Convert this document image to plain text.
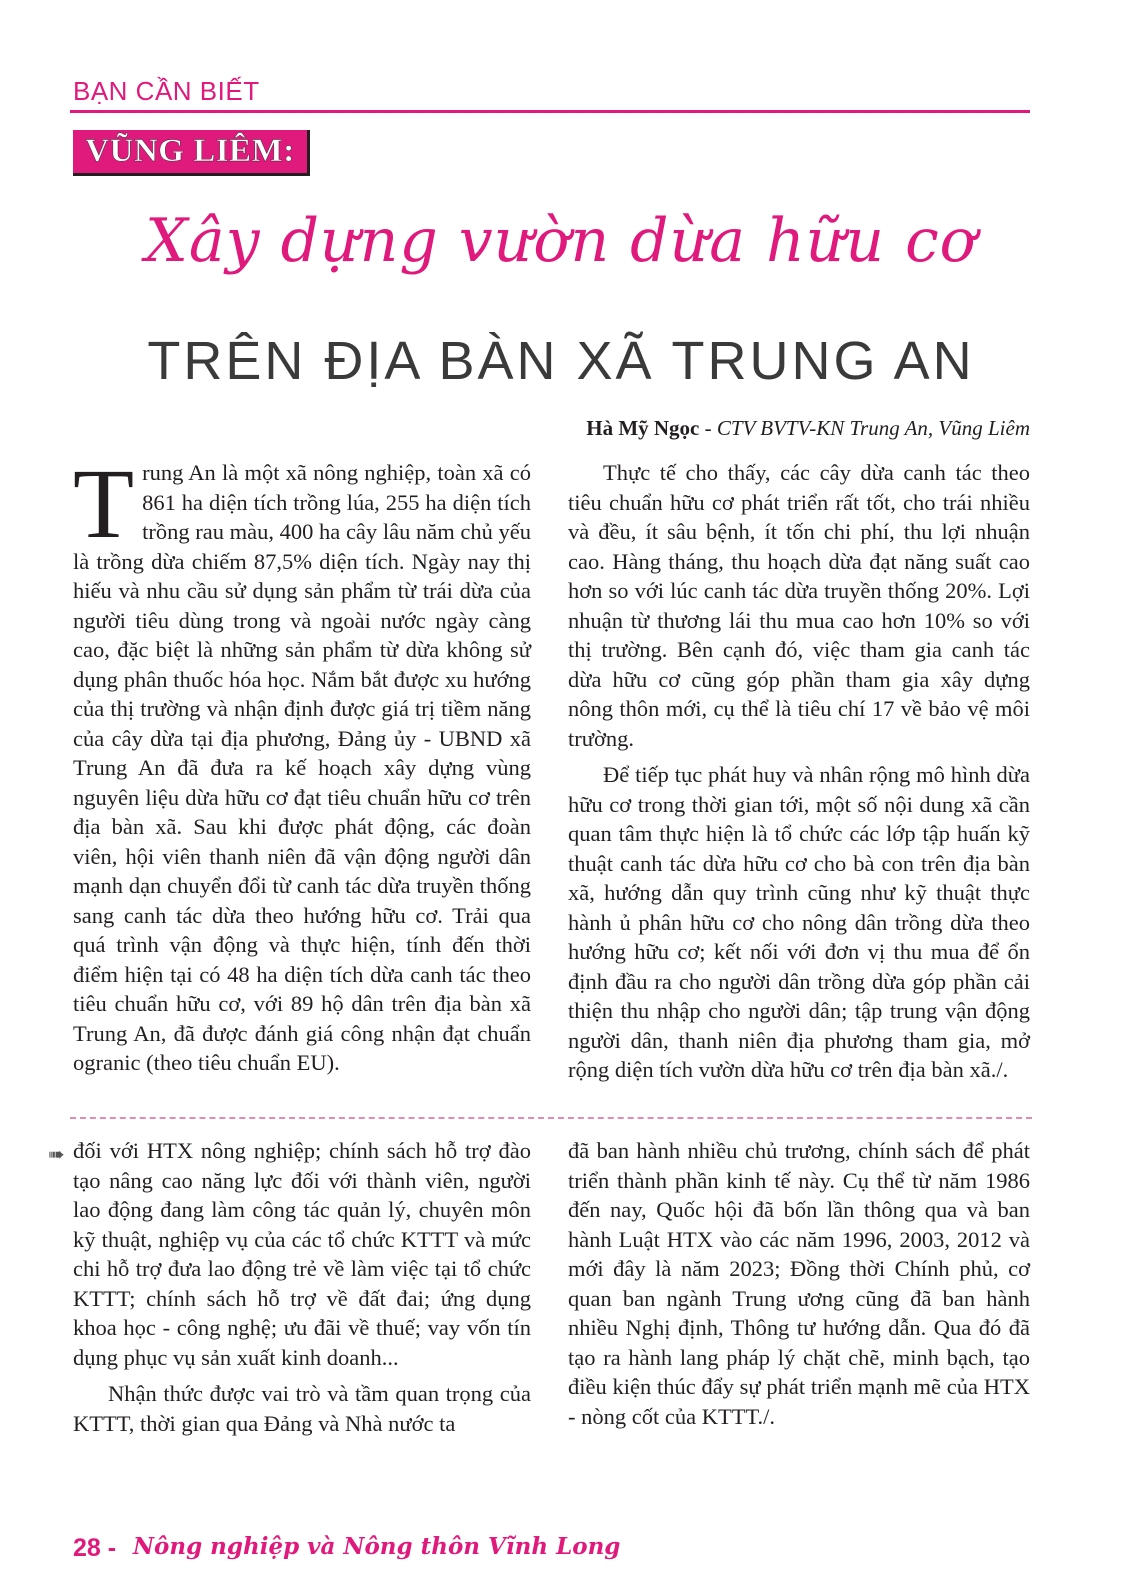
BẠN CẦN BIẾT
VŨNG LIÊM:
Xây dựng vườn dừa hữu cơ
TRÊN ĐỊA BÀN XÃ TRUNG AN
Hà Mỹ Ngọc - CTV BVTV-KN Trung An, Vũng Liêm

Trung An là một xã nông nghiệp, toàn xã có 861 ha diện tích trồng lúa, 255 ha diện tích trồng rau màu, 400 ha cây lâu năm chủ yếu là trồng dừa chiếm 87,5% diện tích. Ngày nay thị hiếu và nhu cầu sử dụng sản phẩm từ trái dừa của người tiêu dùng trong và ngoài nước ngày càng cao, đặc biệt là những sản phẩm từ dừa không sử dụng phân thuốc hóa học. Nắm bắt được xu hướng của thị trường và nhận định được giá trị tiềm năng của cây dừa tại địa phương, Đảng ủy - UBND xã Trung An đã đưa ra kế hoạch xây dựng vùng nguyên liệu dừa hữu cơ đạt tiêu chuẩn hữu cơ trên địa bàn xã. Sau khi được phát động, các đoàn viên, hội viên thanh niên đã vận động người dân mạnh dạn chuyển đổi từ canh tác dừa truyền thống sang canh tác dừa theo hướng hữu cơ. Trải qua quá trình vận động và thực hiện, tính đến thời điểm hiện tại có 48 ha diện tích dừa canh tác theo tiêu chuẩn hữu cơ, với 89 hộ dân trên địa bàn xã Trung An, đã được đánh giá công nhận đạt chuẩn ogranic (theo tiêu chuẩn EU).

Thực tế cho thấy, các cây dừa canh tác theo tiêu chuẩn hữu cơ phát triển rất tốt, cho trái nhiều và đều, ít sâu bệnh, ít tốn chi phí, thu lợi nhuận cao. Hàng tháng, thu hoạch dừa đạt năng suất cao hơn so với lúc canh tác dừa truyền thống 20%. Lợi nhuận từ thương lái thu mua cao hơn 10% so với thị trường. Bên cạnh đó, việc tham gia canh tác dừa hữu cơ cũng góp phần tham gia xây dựng nông thôn mới, cụ thể là tiêu chí 17 về bảo vệ môi trường.

Để tiếp tục phát huy và nhân rộng mô hình dừa hữu cơ trong thời gian tới, một số nội dung xã cần quan tâm thực hiện là tổ chức các lớp tập huấn kỹ thuật canh tác dừa hữu cơ cho bà con trên địa bàn xã, hướng dẫn quy trình cũng như kỹ thuật thực hành ủ phân hữu cơ cho nông dân trồng dừa theo hướng hữu cơ; kết nối với đơn vị thu mua để ổn định đầu ra cho người dân trồng dừa góp phần cải thiện thu nhập cho người dân; tập trung vận động người dân, thanh niên địa phương tham gia, mở rộng diện tích vườn dừa hữu cơ trên địa bàn xã./.

➠ đối với HTX nông nghiệp; chính sách hỗ trợ đào tạo nâng cao năng lực đối với thành viên, người lao động đang làm công tác quản lý, chuyên môn kỹ thuật, nghiệp vụ của các tổ chức KTTT và mức chi hỗ trợ đưa lao động trẻ về làm việc tại tổ chức KTTT; chính sách hỗ trợ về đất đai; ứng dụng khoa học - công nghệ; ưu đãi về thuế; vay vốn tín dụng phục vụ sản xuất kinh doanh...

Nhận thức được vai trò và tầm quan trọng của KTTT, thời gian qua Đảng và Nhà nước ta

đã ban hành nhiều chủ trương, chính sách để phát triển thành phần kinh tế này. Cụ thể từ năm 1986 đến nay, Quốc hội đã bốn lần thông qua và ban hành Luật HTX vào các năm 1996, 2003, 2012 và mới đây là năm 2023; Đồng thời Chính phủ, cơ quan ban ngành Trung ương cũng đã ban hành nhiều Nghị định, Thông tư hướng dẫn. Qua đó đã tạo ra hành lang pháp lý chặt chẽ, minh bạch, tạo điều kiện thúc đẩy sự phát triển mạnh mẽ của HTX - nòng cốt của KTTT./.

28 - Nông nghiệp và Nông thôn Vĩnh Long
